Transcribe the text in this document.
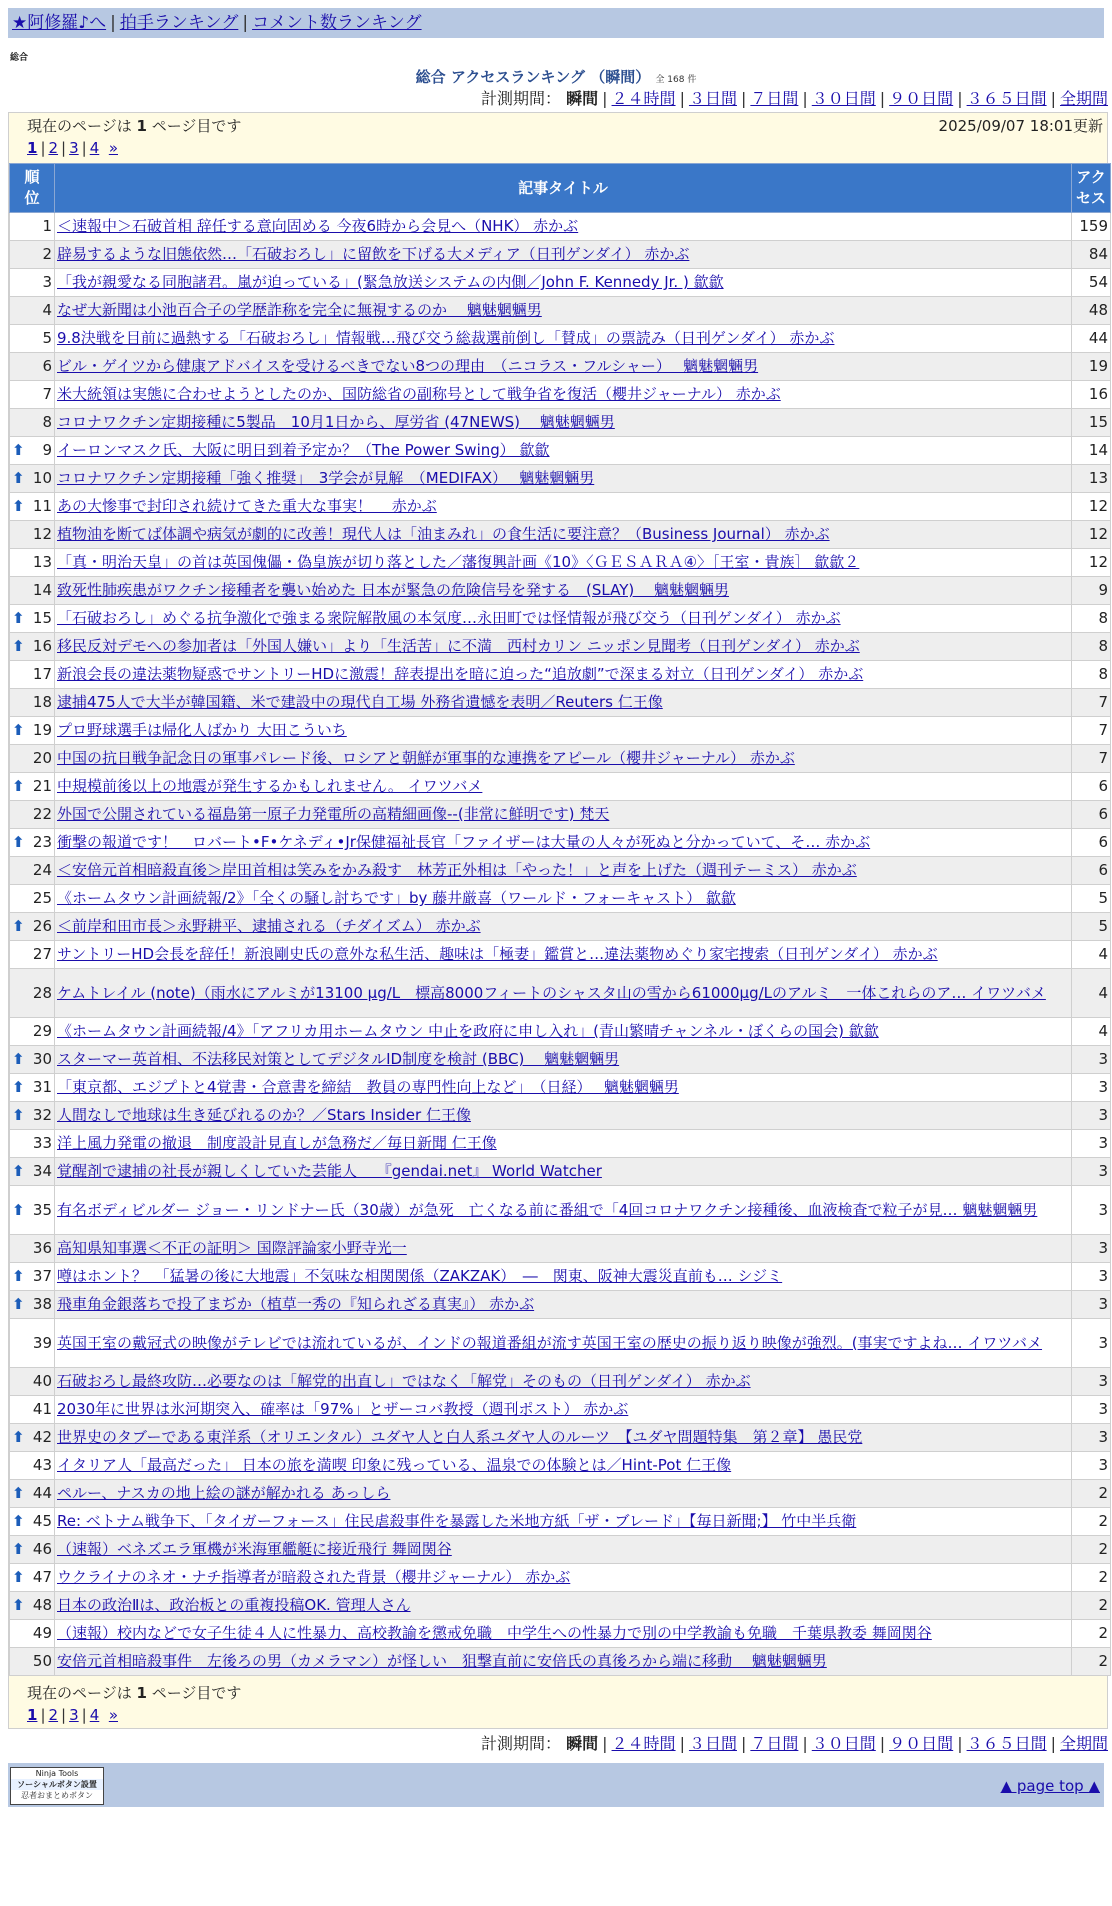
★阿修羅♪へ | 拍手ランキング | コメント数ランキング
総合
総合 アクセスランキング （瞬間） 全 168 件
計測期間： 瞬間 | ２４時間 | ３日間 | ７日間 | ３０日間 | ９０日間 | ３６５日間 | 全期間
現在のページは 1 ページ目です	2025/09/07 18:01更新
1 | 2 | 3 | 4 »
順位	記事タイトル	アクセス
1	＜速報中＞石破首相 辞任する意向固める 今夜6時から会見へ（NHK） 赤かぶ	159
2	辟易するような旧態依然…「石破おろし」に留飲を下げる大メディア（日刊ゲンダイ） 赤かぶ	84
3	「我が親愛なる同胞諸君。嵐が迫っている」(緊急放送システムの内側／John F. Kennedy Jr. ) 歙歙	54
4	なぜ大新聞は小池百合子の学歴詐称を完全に無視するのか　 魑魅魍魎男	48
5	9.8決戦を目前に過熱する「石破おろし」情報戦…飛び交う総裁選前倒し「賛成」の票読み（日刊ゲンダイ） 赤かぶ	44
6	ビル・ゲイツから健康アドバイスを受けるべきでない8つの理由　（ニコラス・フルシャー）　 魑魅魍魎男	19
7	米大統領は実態に合わせようとしたのか、国防総省の副称号として戦争省を復活（櫻井ジャーナル） 赤かぶ	16
8	コロナワクチン定期接種に5製品　10月1日から、厚労省 (47NEWS)　 魑魅魍魎男	15

⬆ 9	イーロンマスク氏、大阪に明日到着予定か？（The Power Swing） 歙歙	14

⬆ 10	コロナワクチン定期接種「強く推奨」　3学会が見解　（MEDIFAX）　 魑魅魍魎男	13

⬆ 11	あの大惨事で封印され続けてきた重大な事実！　 赤かぶ	12
12	植物油を断てば体調や病気が劇的に改善！現代人は「油まみれ」の食生活に要注意？（Business Journal） 赤かぶ	12
13	「真・明治天皇」の首は英国傀儡・偽皇族が切り落とした／藩復興計画《10》〈ＧＥＳＡＲＡ④〉［王室・貴族］ 歙歙２	12
14	致死性肺疾患がワクチン接種者を襲い始めた 日本が緊急の危険信号を発する　(SLAY)　 魑魅魍魎男	9

⬆ 15	「石破おろし」めぐる抗争激化で強まる衆院解散風の本気度…永田町では怪情報が飛び交う（日刊ゲンダイ） 赤かぶ	8

⬆ 16	移民反対デモへの参加者は「外国人嫌い」より「生活苦」に不満　西村カリン ニッポン見聞考（日刊ゲンダイ） 赤かぶ	8
17	新浪会長の違法薬物疑惑でサントリーHDに激震！辞表提出を暗に迫った“追放劇”で深まる対立（日刊ゲンダイ） 赤かぶ	8
18	逮捕475人で大半が韓国籍、米で建設中の現代自工場 外務省遺憾を表明／Reuters 仁王像	7

⬆ 19	プロ野球選手は帰化人ばかり 大田こういち	7
20	中国の抗日戦争記念日の軍事パレード後、ロシアと朝鮮が軍事的な連携をアピール（櫻井ジャーナル） 赤かぶ	7

⬆ 21	中規模前後以上の地震が発生するかもしれません。 イワツバメ	6
22	外国で公開されている福島第一原子力発電所の高精細画像--(非常に鮮明です) 梵天	6

⬆ 23	衝撃の報道です！　ロバート•F•ケネディ•Jr保健福祉長官「ファイザーは大量の人々が死ぬと分かっていて、そ… 赤かぶ	6
24	＜安倍元首相暗殺直後＞岸田首相は笑みをかみ殺す　林芳正外相は「やった！」と声を上げた（週刊テーミス） 赤かぶ	6
25	《ホームタウン計画続報/2》「全くの騒し討ちです」by 藤井厳喜（ワールド・フォーキャスト） 歙歙	5

⬆ 26	＜前岸和田市長＞永野耕平、逮捕される（チダイズム） 赤かぶ	5
27	サントリーHD会長を辞任！新浪剛史氏の意外な私生活、趣味は「極妻」鑑賞と…違法薬物めぐり家宅捜索（日刊ゲンダイ） 赤かぶ	4
28	ケムトレイル (note)（雨水にアルミが13100 μg/L　標高8000フィートのシャスタ山の雪から61000μg/Lのアルミ　一体これらのア… イワツバメ	4
29	《ホームタウン計画続報/4》「アフリカ用ホームタウン 中止を政府に申し入れ」(青山繁晴チャンネル・ぼくらの国会) 歙歙	4

⬆ 30	スターマー英首相、不法移民対策としてデジタルID制度を検討 (BBC)　 魑魅魍魎男	3

⬆ 31	「東京都、エジプトと4覚書・合意書を締結　教員の専門性向上など」　（日経）　 魑魅魍魎男	3

⬆ 32	人間なしで地球は生き延びれるのか？／Stars Insider 仁王像	3
33	洋上風力発電の撤退　制度設計見直しが急務だ／毎日新聞 仁王像	3

⬆ 34	覚醒剤で逮捕の社長が親しくしていた芸能人　 『gendai.net』 World Watcher	3

⬆ 35	有名ボディビルダー ジョー・リンドナー氏（30歳）が急死　亡くなる前に番組で「4回コロナワクチン接種後、血液検査で粒子が見… 魑魅魍魎男	3
36	高知県知事選＜不正の証明＞ 国際評論家小野寺光一	3

⬆ 37	噂はホント？　「猛暑の後に大地震」不気味な相関関係（ZAKZAK）　―　関東、阪神大震災直前も… シジミ	3

⬆ 38	飛車角金銀落ちで投了まぢか（植草一秀の『知られざる真実』） 赤かぶ	3
39	英国王室の戴冠式の映像がテレビでは流れているが、インドの報道番組が流す英国王室の歴史の振り返り映像が強烈。(事実ですよね… イワツバメ	3
40	石破おろし最終攻防…必要なのは「解党的出直し」ではなく「解党」そのもの（日刊ゲンダイ） 赤かぶ	3
41	2030年に世界は氷河期突入、確率は「97%」とザーコバ教授（週刊ポスト） 赤かぶ	3

⬆ 42	世界史のタブーである東洋系（オリエンタル）ユダヤ人と白人系ユダヤ人のルーツ　【ユダヤ問題特集　第２章】 愚民党	3
43	イタリア人「最高だった」 日本の旅を満喫 印象に残っている、温泉での体験とは／Hint-Pot 仁王像	3

⬆ 44	ペルー、ナスカの地上絵の謎が解かれる あっしら	2

⬆ 45	Re: ベトナム戦争下、「タイガーフォース」住民虐殺事件を暴露した米地方紙「ザ・ブレード」【毎日新聞;】 竹中半兵衛	2

⬆ 46	（速報）ベネズエラ軍機が米海軍艦艇に接近飛行 舞岡関谷	2

⬆ 47	ウクライナのネオ・ナチ指導者が暗殺された背景（櫻井ジャーナル） 赤かぶ	2

⬆ 48	日本の政治Ⅱは、政治板との重複投稿OK. 管理人さん	2
49	（速報）校内などで女子生徒４人に性暴力、高校教諭を懲戒免職　中学生への性暴力で別の中学教諭も免職　千葉県教委 舞岡関谷	2
50	安倍元首相暗殺事件　左後ろの男（カメラマン）が怪しい　狙撃直前に安倍氏の真後ろから端に移動　 魑魅魍魎男	2
現在のページは 1 ページ目です
1 | 2 | 3 | 4 »
計測期間： 瞬間 | ２４時間 | ３日間 | ７日間 | ３０日間 | ９０日間 | ３６５日間 | 全期間
Ninja Tools
ソーシャルボタン設置
忍者おまとめボタン
▲ page top ▲
